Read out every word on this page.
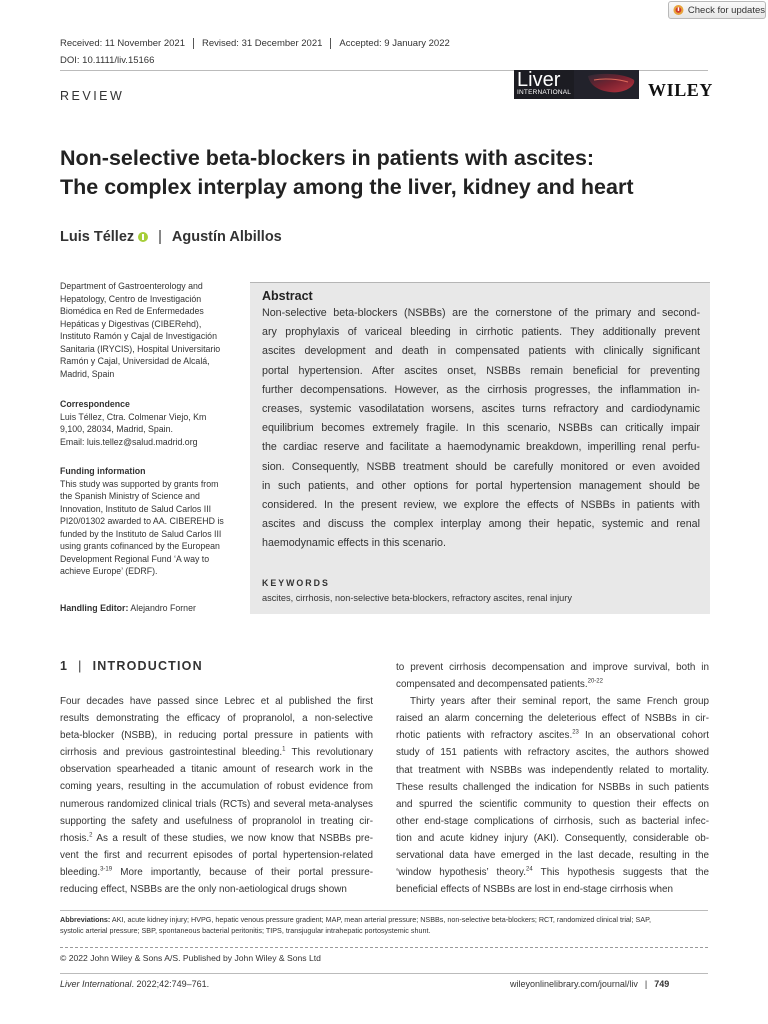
Check for updates
Received: 11 November 2021	Revised: 31 December 2021	Accepted: 9 January 2022
DOI: 10.1111/liv.15166
REVIEW
Liver
INTERNATIONAL	WILEY
Non-selective beta-blockers in patients with ascites:
The complex interplay among the liver, kidney and heart
Luis Téllez | Agustín Albillos
Department of Gastroenterology and
Hepatology, Centro de Investigación
Biomédica en Red de Enfermedades
Hepáticas y Digestivas (CIBERehd),
Instituto Ramón y Cajal de Investigación
Sanitaria (IRYCIS), Hospital Universitario
Ramón y Cajal, Universidad de Alcalá,
Madrid, Spain
Correspondence
Luis Téllez, Ctra. Colmenar Viejo, Km
9,100, 28034, Madrid, Spain.
Email: luis.tellez@salud.madrid.org
Funding information
This study was supported by grants from
the Spanish Ministry of Science and
Innovation, Instituto de Salud Carlos III
PI20/01302 awarded to AA. CIBEREHD is
funded by the Instituto de Salud Carlos III
using grants cofinanced by the European
Development Regional Fund ‘A way to
achieve Europe’ (EDRF).
Handling Editor: Alejandro Forner
Abstract
Non-selective beta-blockers (NSBBs) are the cornerstone of the primary and second-
ary prophylaxis of variceal bleeding in cirrhotic patients. They additionally prevent
ascites development and death in compensated patients with clinically significant
portal hypertension. After ascites onset, NSBBs remain beneficial for preventing
further decompensations. However, as the cirrhosis progresses, the inflammation in-
creases, systemic vasodilatation worsens, ascites turns refractory and cardiodynamic
equilibrium becomes extremely fragile. In this scenario, NSBBs can critically impair
the cardiac reserve and facilitate a haemodynamic breakdown, imperilling renal perfu-
sion. Consequently, NSBB treatment should be carefully monitored or even avoided
in such patients, and other options for portal hypertension management should be
considered. In the present review, we explore the effects of NSBBs in patients with
ascites and discuss the complex interplay among their hepatic, systemic and renal
haemodynamic effects in this scenario.
KEYWORDS
ascites, cirrhosis, non-selective beta-blockers, refractory ascites, renal injury
1 | INTRODUCTION
Four decades have passed since Lebrec et al published the first
results demonstrating the efficacy of propranolol, a non-selective
beta-blocker (NSBB), in reducing portal pressure in patients with
cirrhosis and previous gastrointestinal bleeding.$^1$ This revolutionary
observation spearheaded a titanic amount of research work in the
coming years, resulting in the accumulation of robust evidence from
numerous randomized clinical trials (RCTs) and several meta-analyses
supporting the safety and usefulness of propranolol in treating cir-
rhosis.$^2$ As a result of these studies, we now know that NSBBs pre-
vent the first and recurrent episodes of portal hypertension-related
bleeding.$^{3-19}$ More importantly, because of their portal pressure-
reducing effect, NSBBs are the only non-aetiological drugs shown
to prevent cirrhosis decompensation and improve survival, both in
compensated and decompensated patients.$^{20-22}$
Thirty years after their seminal report, the same French group
raised an alarm concerning the deleterious effect of NSBBs in cir-
rhotic patients with refractory ascites.$^{23}$ In an observational cohort
study of 151 patients with refractory ascites, the authors showed
that treatment with NSBBs was independently related to mortality.
These results challenged the indication for NSBBs in such patients
and spurred the scientific community to question their effects on
other end-stage complications of cirrhosis, such as bacterial infec-
tion and acute kidney injury (AKI). Consequently, considerable ob-
servational data have emerged in the last decade, resulting in the
‘window hypothesis’ theory.$^{24}$ This hypothesis suggests that the
beneficial effects of NSBBs are lost in end-stage cirrhosis when
Abbreviations: AKI, acute kidney injury; HVPG, hepatic venous pressure gradient; MAP, mean arterial pressure; NSBBs, non-selective beta-blockers; RCT, randomized clinical trial; SAP,
systolic arterial pressure; SBP, spontaneous bacterial peritonitis; TIPS, transjugular intrahepatic portosystemic shunt.
© 2022 John Wiley & Sons A/S. Published by John Wiley & Sons Ltd
Liver International. 2022;42:749–761.	wileyonlinelibrary.com/journal/liv | 749
